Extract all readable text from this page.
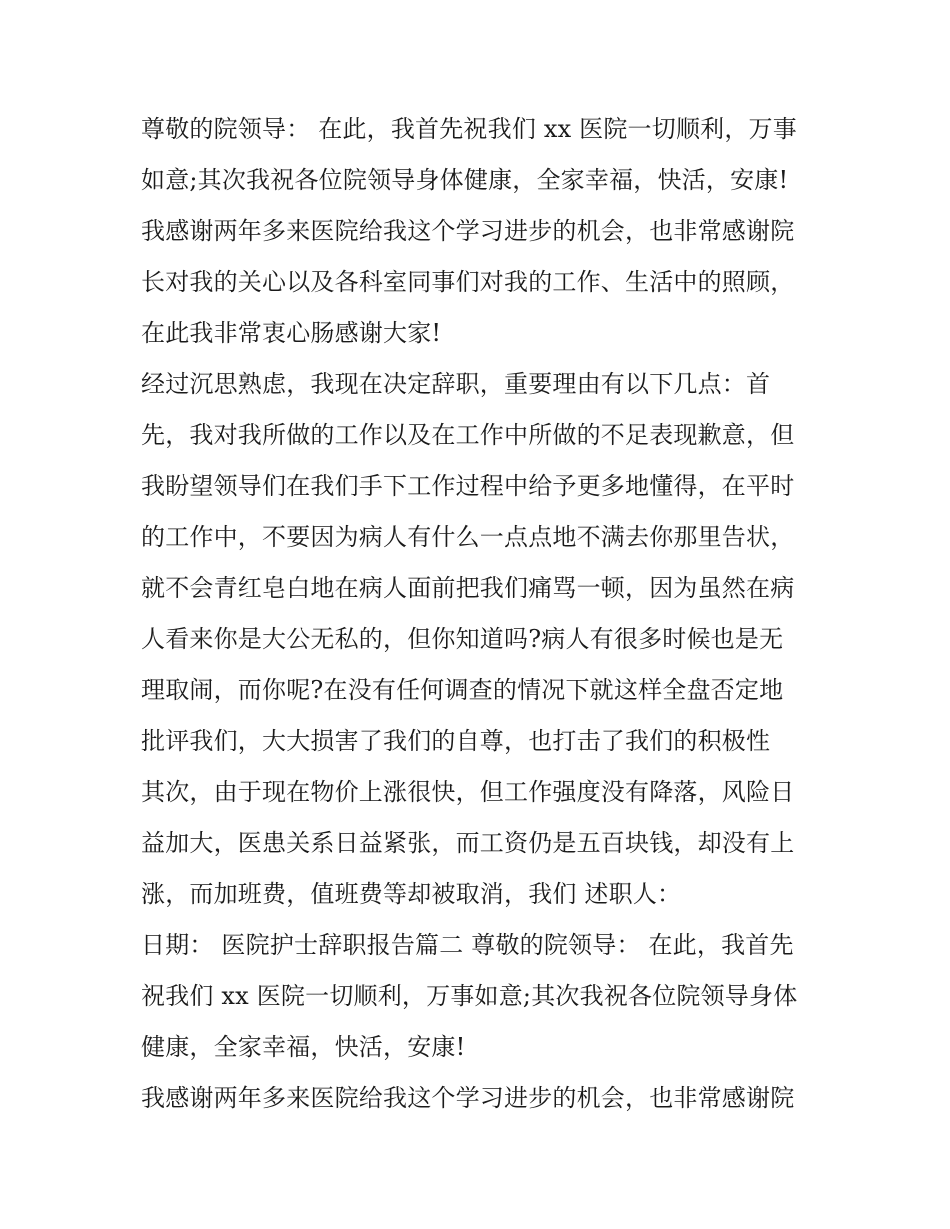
尊敬的院领导： 在此，我首先祝我们 xx 医院一切顺利，万事
如意;其次我祝各位院领导身体健康，全家幸福，快活，安康!
我感谢两年多来医院给我这个学习进步的机会，也非常感谢院
长对我的关心以及各科室同事们对我的工作、生活中的照顾，
在此我非常衷心肠感谢大家!
经过沉思熟虑，我现在决定辞职，重要理由有以下几点：首
先，我对我所做的工作以及在工作中所做的不足表现歉意，但
我盼望领导们在我们手下工作过程中给予更多地懂得，在平时
的工作中，不要因为病人有什么一点点地不满去你那里告状，
就不会青红皂白地在病人面前把我们痛骂一顿，因为虽然在病
人看来你是大公无私的，但你知道吗?病人有很多时候也是无
理取闹，而你呢?在没有任何调查的情况下就这样全盘否定地
批评我们，大大损害了我们的自尊，也打击了我们的积极性
其次，由于现在物价上涨很快，但工作强度没有降落，风险日
益加大，医患关系日益紧张，而工资仍是五百块钱，却没有上
涨，而加班费，值班费等却被取消，我们 述职人：
日期： 医院护士辞职报告篇二 尊敬的院领导： 在此，我首先
祝我们 xx 医院一切顺利，万事如意;其次我祝各位院领导身体
健康，全家幸福，快活，安康!
我感谢两年多来医院给我这个学习进步的机会，也非常感谢院
